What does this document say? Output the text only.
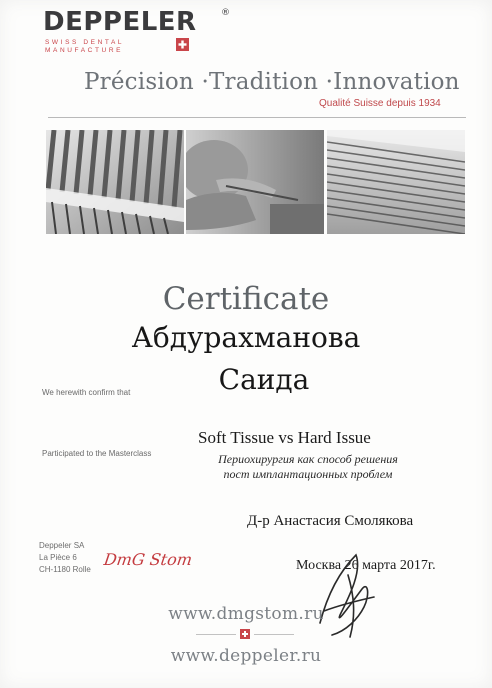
DEPPELER	®
SWISS DENTAL
MANUFACTURE
Précision ·Tradition ·Innovation
Qualité Suisse depuis 1934
Certificate
Абдурахманова
We herewith confirm that	Саида
Soft Tissue vs Hard Issue
Participated to the Masterclass	Периохирургия как способ решения
пост имплантационных проблем
Д-р Анастасия Смолякова
Deppeler SA
La Pièce 6
CH-1180 Rolle
DmG Stom	Москва 26 марта 2017г.
www.dmgstom.ru
www.deppeler.ru
